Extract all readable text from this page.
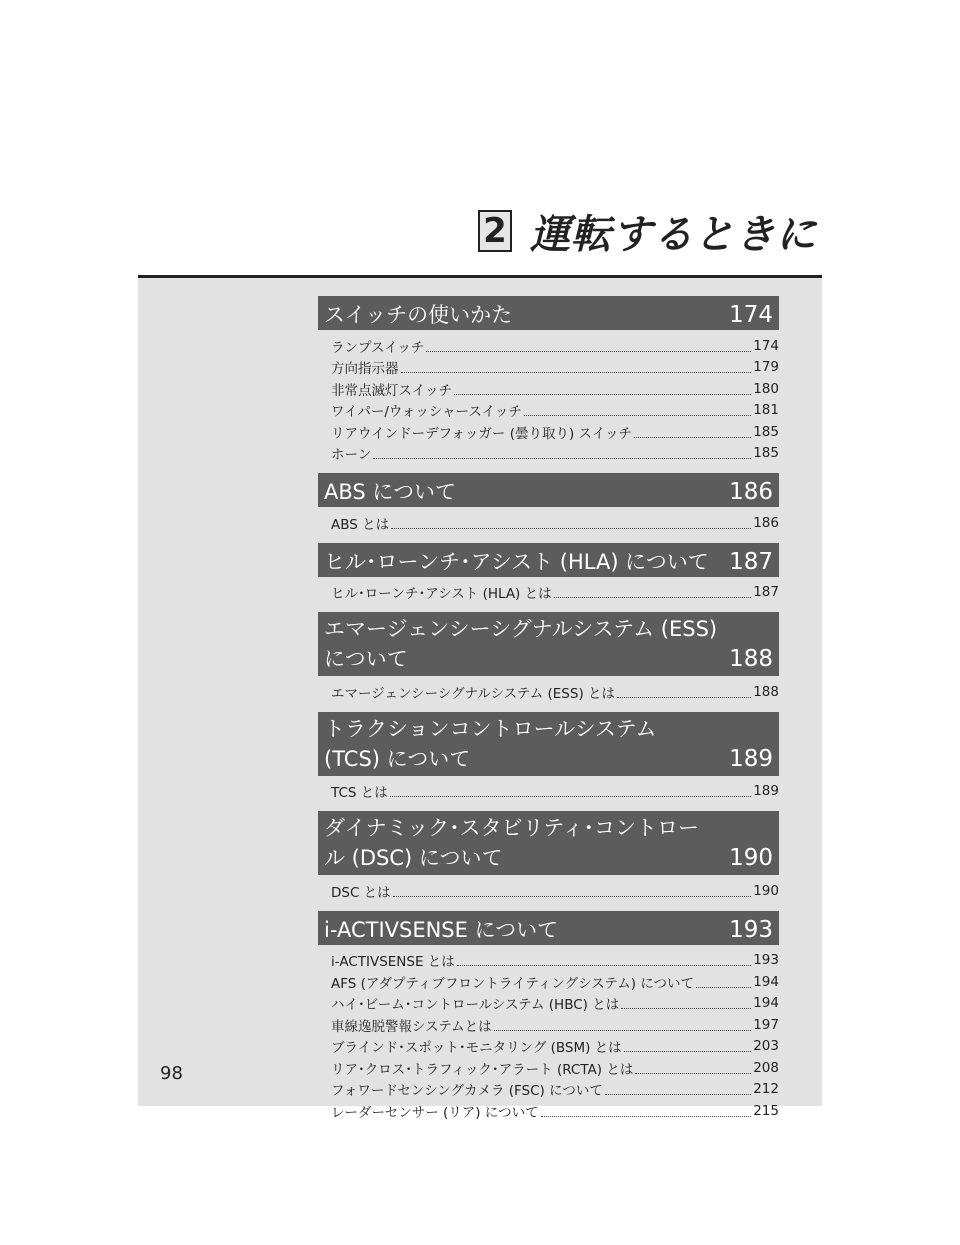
2 運転するときに
スイッチの使いかた	174
ランプスイッチ	174
方向指示器	179
非常点滅灯スイッチ	180
ワイパー/ウォッシャースイッチ	181
リアウインドーデフォッガー (曇り取り) スイッチ	185
ホーン	185
ABS について	186
ABS とは	186
ヒル･ローンチ･アシスト (HLA) について 187
ヒル･ローンチ･アシスト (HLA) とは	187
エマージェンシーシグナルシステム (ESS) について	188
エマージェンシーシグナルシステム (ESS) とは	188
トラクションコントロールシステム (TCS) について	189
TCS とは	189
ダイナミック･スタビリティ･コントロール (DSC) について	190
DSC とは	190
i-ACTIVSENSE について	193
i-ACTIVSENSE とは	193
AFS (アダプティブフロントライティングシステム) について	194
ハイ･ビーム･コントロールシステム (HBC) とは	194
車線逸脱警報システムとは	197
ブラインド･スポット･モニタリング (BSM) とは	203
リア･クロス･トラフィック･アラート (RCTA) とは	208
フォワードセンシングカメラ (FSC) について	212
レーダーセンサー (リア) について	215
98
